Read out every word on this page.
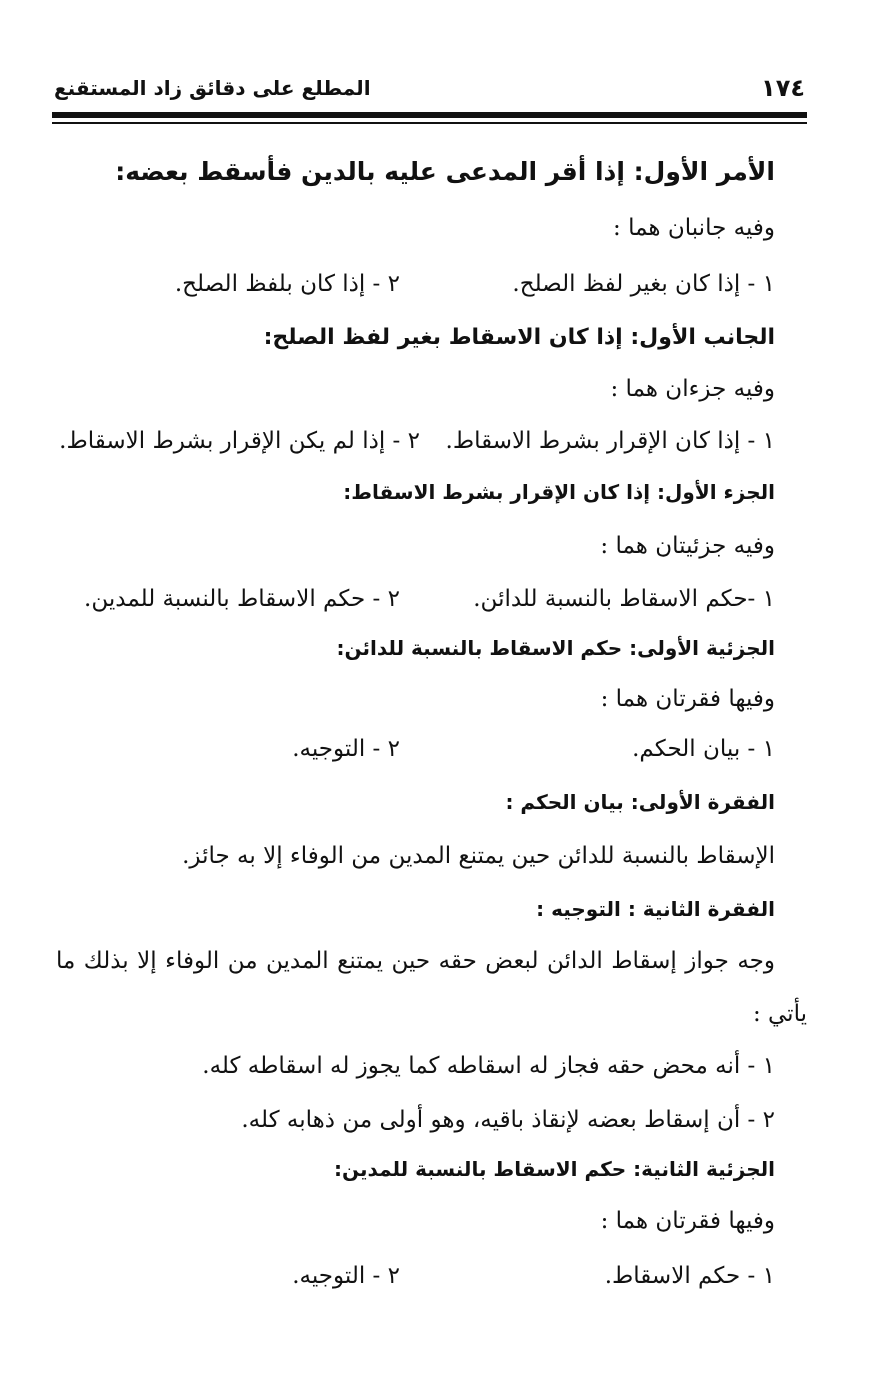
١٧٤
المطلع على دقائق زاد المستقنع
الأمر الأول: إذا أقر المدعى عليه بالدين فأسقط بعضه:
وفيه جانبان هما :
١ - إذا كان بغير لفظ الصلح.
٢ - إذا كان بلفظ الصلح.
الجانب الأول: إذا كان الاسقاط بغير لفظ الصلح:
وفيه جزءان هما :
١ - إذا كان الإقرار بشرط الاسقاط.
٢ - إذا لم يكن الإقرار بشرط الاسقاط.
الجزء الأول: إذا كان الإقرار بشرط الاسقاط:
وفيه جزئيتان هما :
١ -حكم الاسقاط بالنسبة للدائن.
٢ - حكم الاسقاط بالنسبة للمدين.
الجزئية الأولى: حكم الاسقاط بالنسبة للدائن:
وفيها فقرتان هما :
١ - بيان الحكم.
٢ - التوجيه.
الفقرة الأولى: بيان الحكم :
الإسقاط بالنسبة للدائن حين يمتنع المدين من الوفاء إلا به جائز.
الفقرة الثانية : التوجيه :
وجه جواز إسقاط الدائن لبعض حقه حين يمتنع المدين من الوفاء إلا بذلك ما
يأتي :
١ - أنه محض حقه فجاز له اسقاطه كما يجوز له اسقاطه كله.
٢ - أن إسقاط بعضه لإنقاذ باقيه، وهو أولى من ذهابه كله.
الجزئية الثانية: حكم الاسقاط بالنسبة للمدين:
وفيها فقرتان هما :
١ - حكم الاسقاط.
٢ - التوجيه.
